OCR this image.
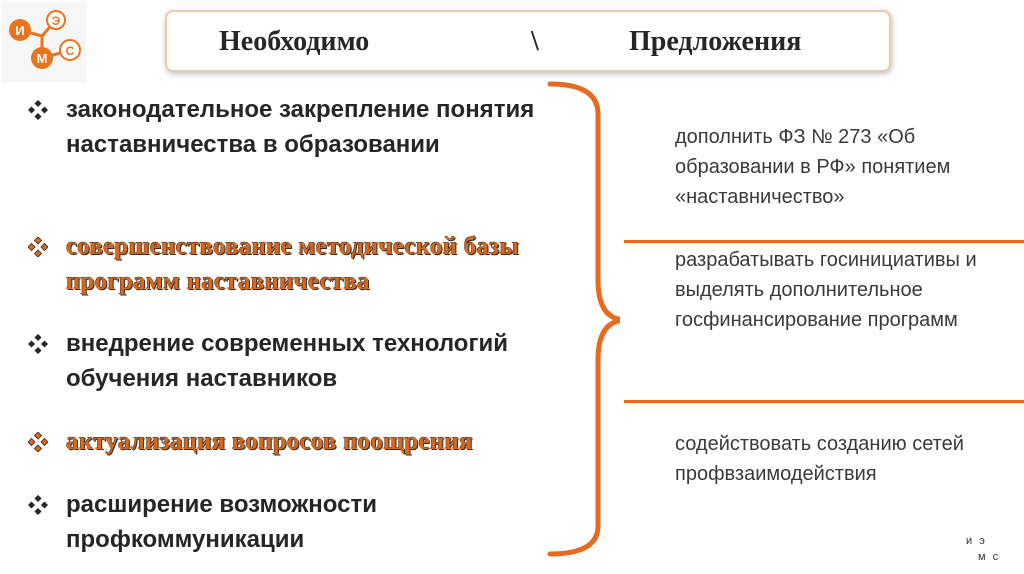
И
Э
М С	Необходимо	\	Предложения
законодательное закрепление понятия наставничества в образовании
совершенствование методической базы программ наставничества
внедрение современных технологий обучения наставников
актуализация вопросов поощрения
расширение возможности профкоммуникации
дополнить ФЗ № 273 «Об образовании в РФ» понятием «наставничество»
разрабатывать госинициативы и выделять дополнительное госфинансирование программ
содействовать созданию сетей профвзаимодействия
и э
м с
